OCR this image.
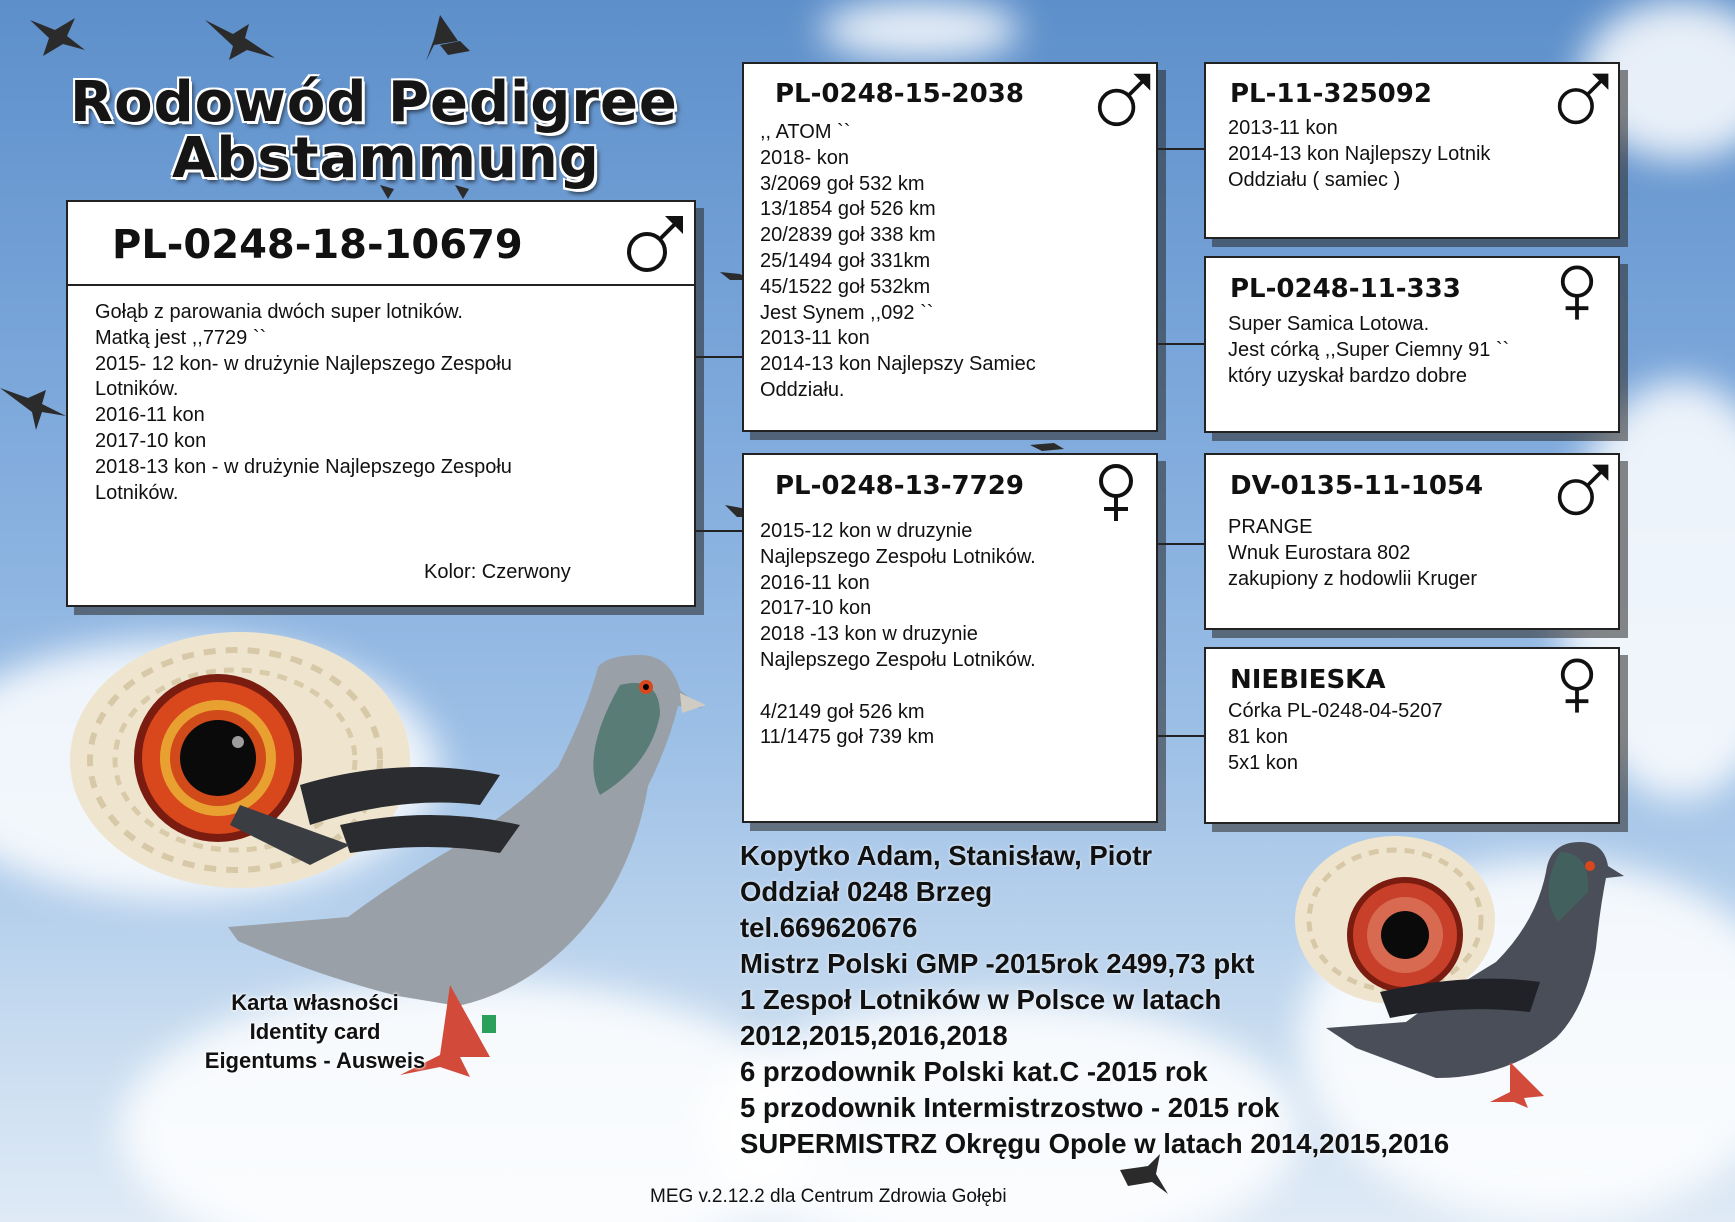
Rodowód Pedigree
Abstammung
PL-0248-18-10679
Gołąb z parowania dwóch super lotników.
Matką jest ,,7729 ``
2015- 12 kon- w drużynie Najlepszego Zespołu
Lotników.
2016-11 kon
2017-10 kon
2018-13 kon - w drużynie Najlepszego Zespołu
Lotników.
Kolor: Czerwony
PL-0248-15-2038
,, ATOM ``
2018- kon
3/2069 goł 532 km
13/1854 goł 526 km
20/2839 goł 338 km
25/1494 goł 331km
45/1522 goł 532km
Jest Synem ,,092 ``
2013-11 kon
2014-13 kon Najlepszy Samiec
Oddziału.
PL-0248-13-7729
2015-12 kon w druzynie
Najlepszego Zespołu Lotników.
2016-11 kon
2017-10 kon
2018 -13 kon w druzynie
Najlepszego Zespołu Lotników.

4/2149 goł 526 km
11/1475 goł 739 km
PL-11-325092
2013-11 kon
2014-13 kon Najlepszy Lotnik
Oddziału ( samiec )
PL-0248-11-333
Super Samica Lotowa.
Jest córką ,,Super Ciemny 91 ``
który uzyskał bardzo dobre
DV-0135-11-1054
PRANGE
Wnuk Eurostara 802
zakupiony z hodowlii Kruger
NIEBIESKA
Córka PL-0248-04-5207
81 kon
5x1 kon
Kopytko Adam, Stanisław, Piotr
Oddział 0248 Brzeg
tel.669620676
Mistrz Polski GMP -2015rok 2499,73 pkt
1 Zespoł Lotników w Polsce w latach
2012,2015,2016,2018
6 przodownik Polski kat.C -2015 rok
5 przodownik Intermistrzostwo - 2015 rok
SUPERMISTRZ Okręgu Opole w latach 2014,2015,2016
Karta własności
Identity card
Eigentums - Ausweis
MEG v.2.12.2 dla Centrum Zdrowia Gołębi
